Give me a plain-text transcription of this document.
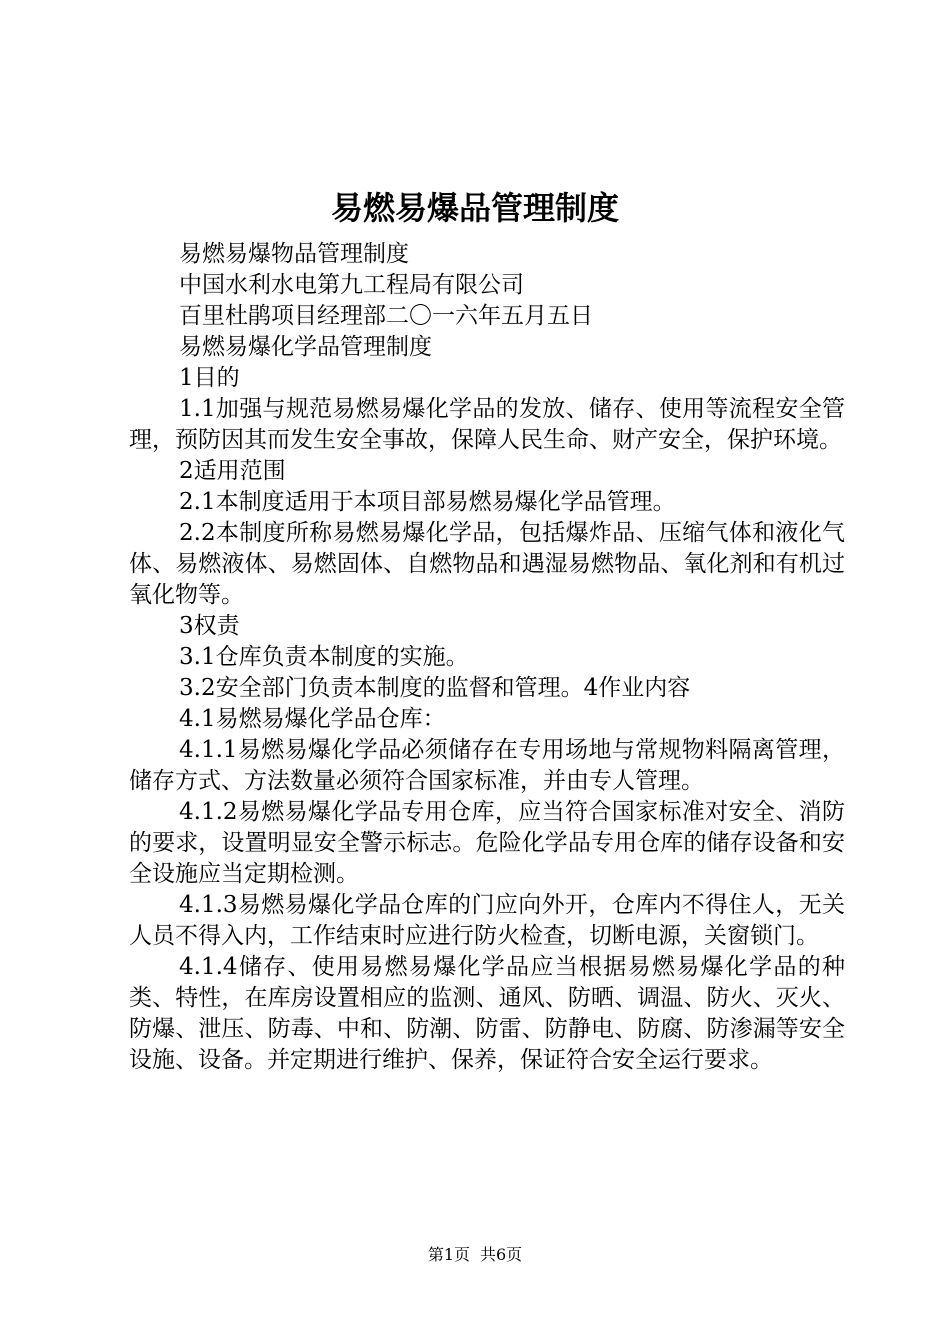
易燃易爆品管理制度

易燃易爆物品管理制度

中国水利水电第九工程局有限公司

百里杜鹃项目经理部二〇一六年五月五日

易燃易爆化学品管理制度

1目的

1.1加强与规范易燃易爆化学品的发放、储存、使用等流程安全管理，预防因其而发生安全事故，保障人民生命、财产安全，保护环境。

2适用范围

2.1本制度适用于本项目部易燃易爆化学品管理。

2.2本制度所称易燃易爆化学品，包括爆炸品、压缩气体和液化气体、易燃液体、易燃固体、自燃物品和遇湿易燃物品、氧化剂和有机过氧化物等。

3权责

3.1仓库负责本制度的实施。

3.2安全部门负责本制度的监督和管理。4作业内容

4.1易燃易爆化学品仓库：

4.1.1易燃易爆化学品必须储存在专用场地与常规物料隔离管理，储存方式、方法数量必须符合国家标准，并由专人管理。

4.1.2易燃易爆化学品专用仓库，应当符合国家标准对安全、消防的要求，设置明显安全警示标志。危险化学品专用仓库的储存设备和安全设施应当定期检测。

4.1.3易燃易爆化学品仓库的门应向外开，仓库内不得住人，无关人员不得入内，工作结束时应进行防火检查，切断电源，关窗锁门。

4.1.4储存、使用易燃易爆化学品应当根据易燃易爆化学品的种类、特性，在库房设置相应的监测、通风、防晒、调温、防火、灭火、防爆、泄压、防毒、中和、防潮、防雷、防静电、防腐、防渗漏等安全设施、设备。并定期进行维护、保养，保证符合安全运行要求。

第1页 共6页
